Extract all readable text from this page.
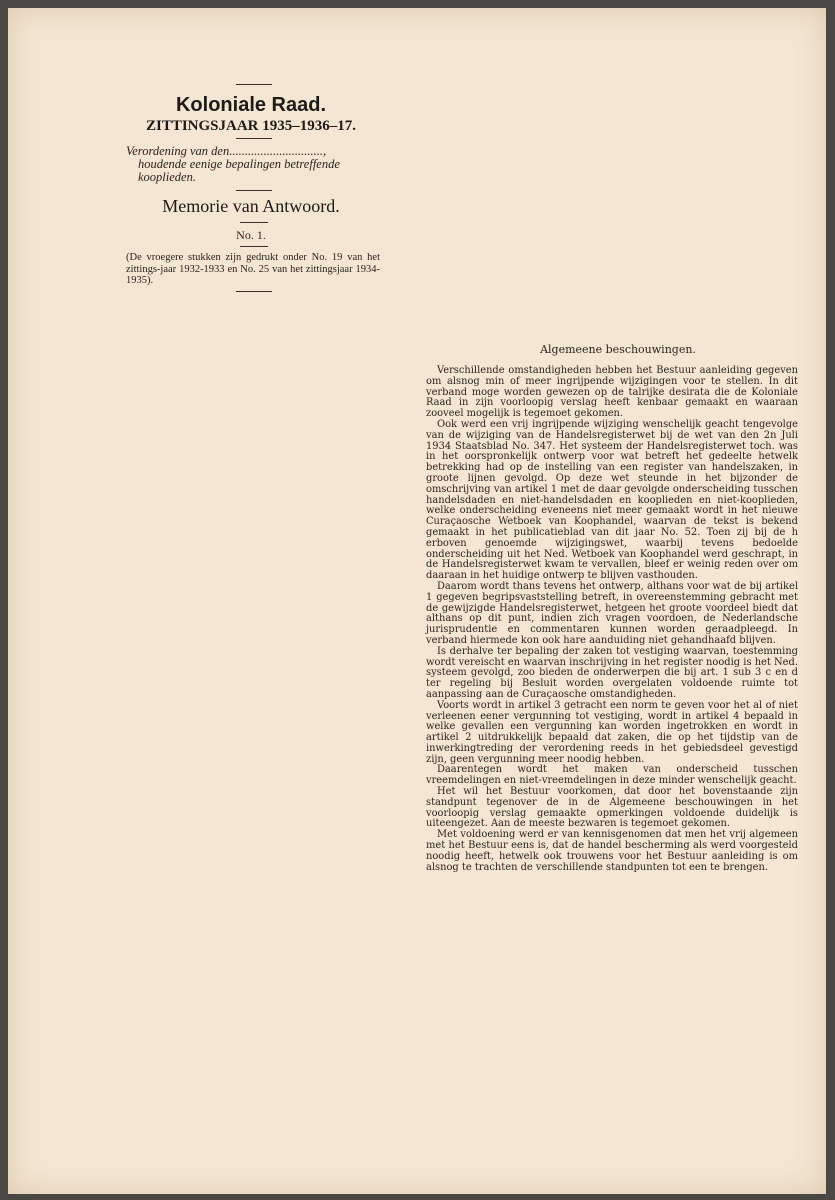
Koloniale Raad.
ZITTINGSJAAR 1935–1936–17.
Verordening van den..............................,
houdende eenige bepalingen betreffende
kooplieden.
Memorie van Antwoord.
No. 1.
(De vroegere stukken zijn gedrukt onder No. 19 van het zittings-jaar 1932-1933 en No. 25 van het zittingsjaar 1934-1935).
Algemeene beschouwingen.

Verschillende omstandigheden hebben het Bestuur aanleiding gegeven om alsnog min of meer ingrijpende wijzigingen voor te stellen. In dit verband moge worden gewezen op de talrijke desirata die de Koloniale Raad in zijn voorloopig verslag heeft kenbaar gemaakt en waaraan zooveel mogelijk is tegemoet gekomen.

Ook werd een vrij ingrijpende wijziging wenschelijk geacht tengevolge van de wijziging van de Handelsregisterwet bij de wet van den 2n Juli 1934 Staatsblad No. 347. Het systeem der Handelsregisterwet toch. was in het oorspronkelijk ontwerp voor wat betreft het gedeelte hetwelk betrekking had op de instelling van een register van handelszaken, in groote lijnen gevolgd. Op deze wet steunde in het bijzonder de omschrijving van artikel 1 met de daar gevolgde onderscheiding tusschen handelsdaden en niet-handelsdaden en kooplieden en niet-kooplieden, welke onderscheiding eveneens niet meer gemaakt wordt in het nieuwe Curaçaosche Wetboek van Koophandel, waarvan de tekst is bekend gemaakt in het publicatieblad van dit jaar No. 52. Toen zij bij de h erboven genoemde wijzigingswet, waarbij tevens bedoelde onderscheiding uit het Ned. Wetboek van Koophandel werd geschrapt, in de Handelsregisterwet kwam te vervallen, bleef er weinig reden over om daaraan in het huidige ontwerp te blijven vasthouden.

Daarom wordt thans tevens het ontwerp, althans voor wat de bij artikel 1 gegeven begripsvaststelling betreft, in overeenstemming gebracht met de gewijzigde Handelsregisterwet, hetgeen het groote voordeel biedt dat althans op dit punt, indien zich vragen voordoen, de Nederlandsche jurisprudentie en commentaren kunnen worden geraadpleegd. In verband hiermede kon ook hare aanduiding niet gehandhaafd blijven.

Is derhalve ter bepaling der zaken tot vestiging waarvan, toestemming wordt vereischt en waarvan inschrijving in het register noodig is het Ned. systeem gevolgd, zoo bieden de onderwerpen die bij art. 1 sub 3 c en d ter regeling bij Besluit worden overgelaten voldoende ruimte tot aanpassing aan de Curaçaosche omstandigheden.

Voorts wordt in artikel 3 getracht een norm te geven voor het al of niet verleenen eener vergunning tot vestiging, wordt in artikel 4 bepaald in welke gevallen een vergunning kan worden ingetrokken en wordt in artikel 2 uitdrukkelijk bepaald dat zaken, die op het tijdstip van de inwerkingtreding der verordening reeds in het gebiedsdeel gevestigd zijn, geen vergunning meer noodig hebben.

Daarentegen wordt het maken van onderscheid tusschen vreemdelingen en niet-vreemdelingen in deze minder wenschelijk geacht.

Het wil het Bestuur voorkomen, dat door het bovenstaande zijn standpunt tegenover de in de Algemeene beschouwingen in het voorloopig verslag gemaakte opmerkingen voldoende duidelijk is uiteengezet. Aan de meeste bezwaren is tegemoet gekomen.

Met voldoening werd er van kennisgenomen dat men het vrij algemeen met het Bestuur eens is, dat de handel bescherming als werd voorgesteld noodig heeft, hetwelk ook trouwens voor het Bestuur aanleiding is om alsnog te trachten de verschillende standpunten tot een te brengen.
